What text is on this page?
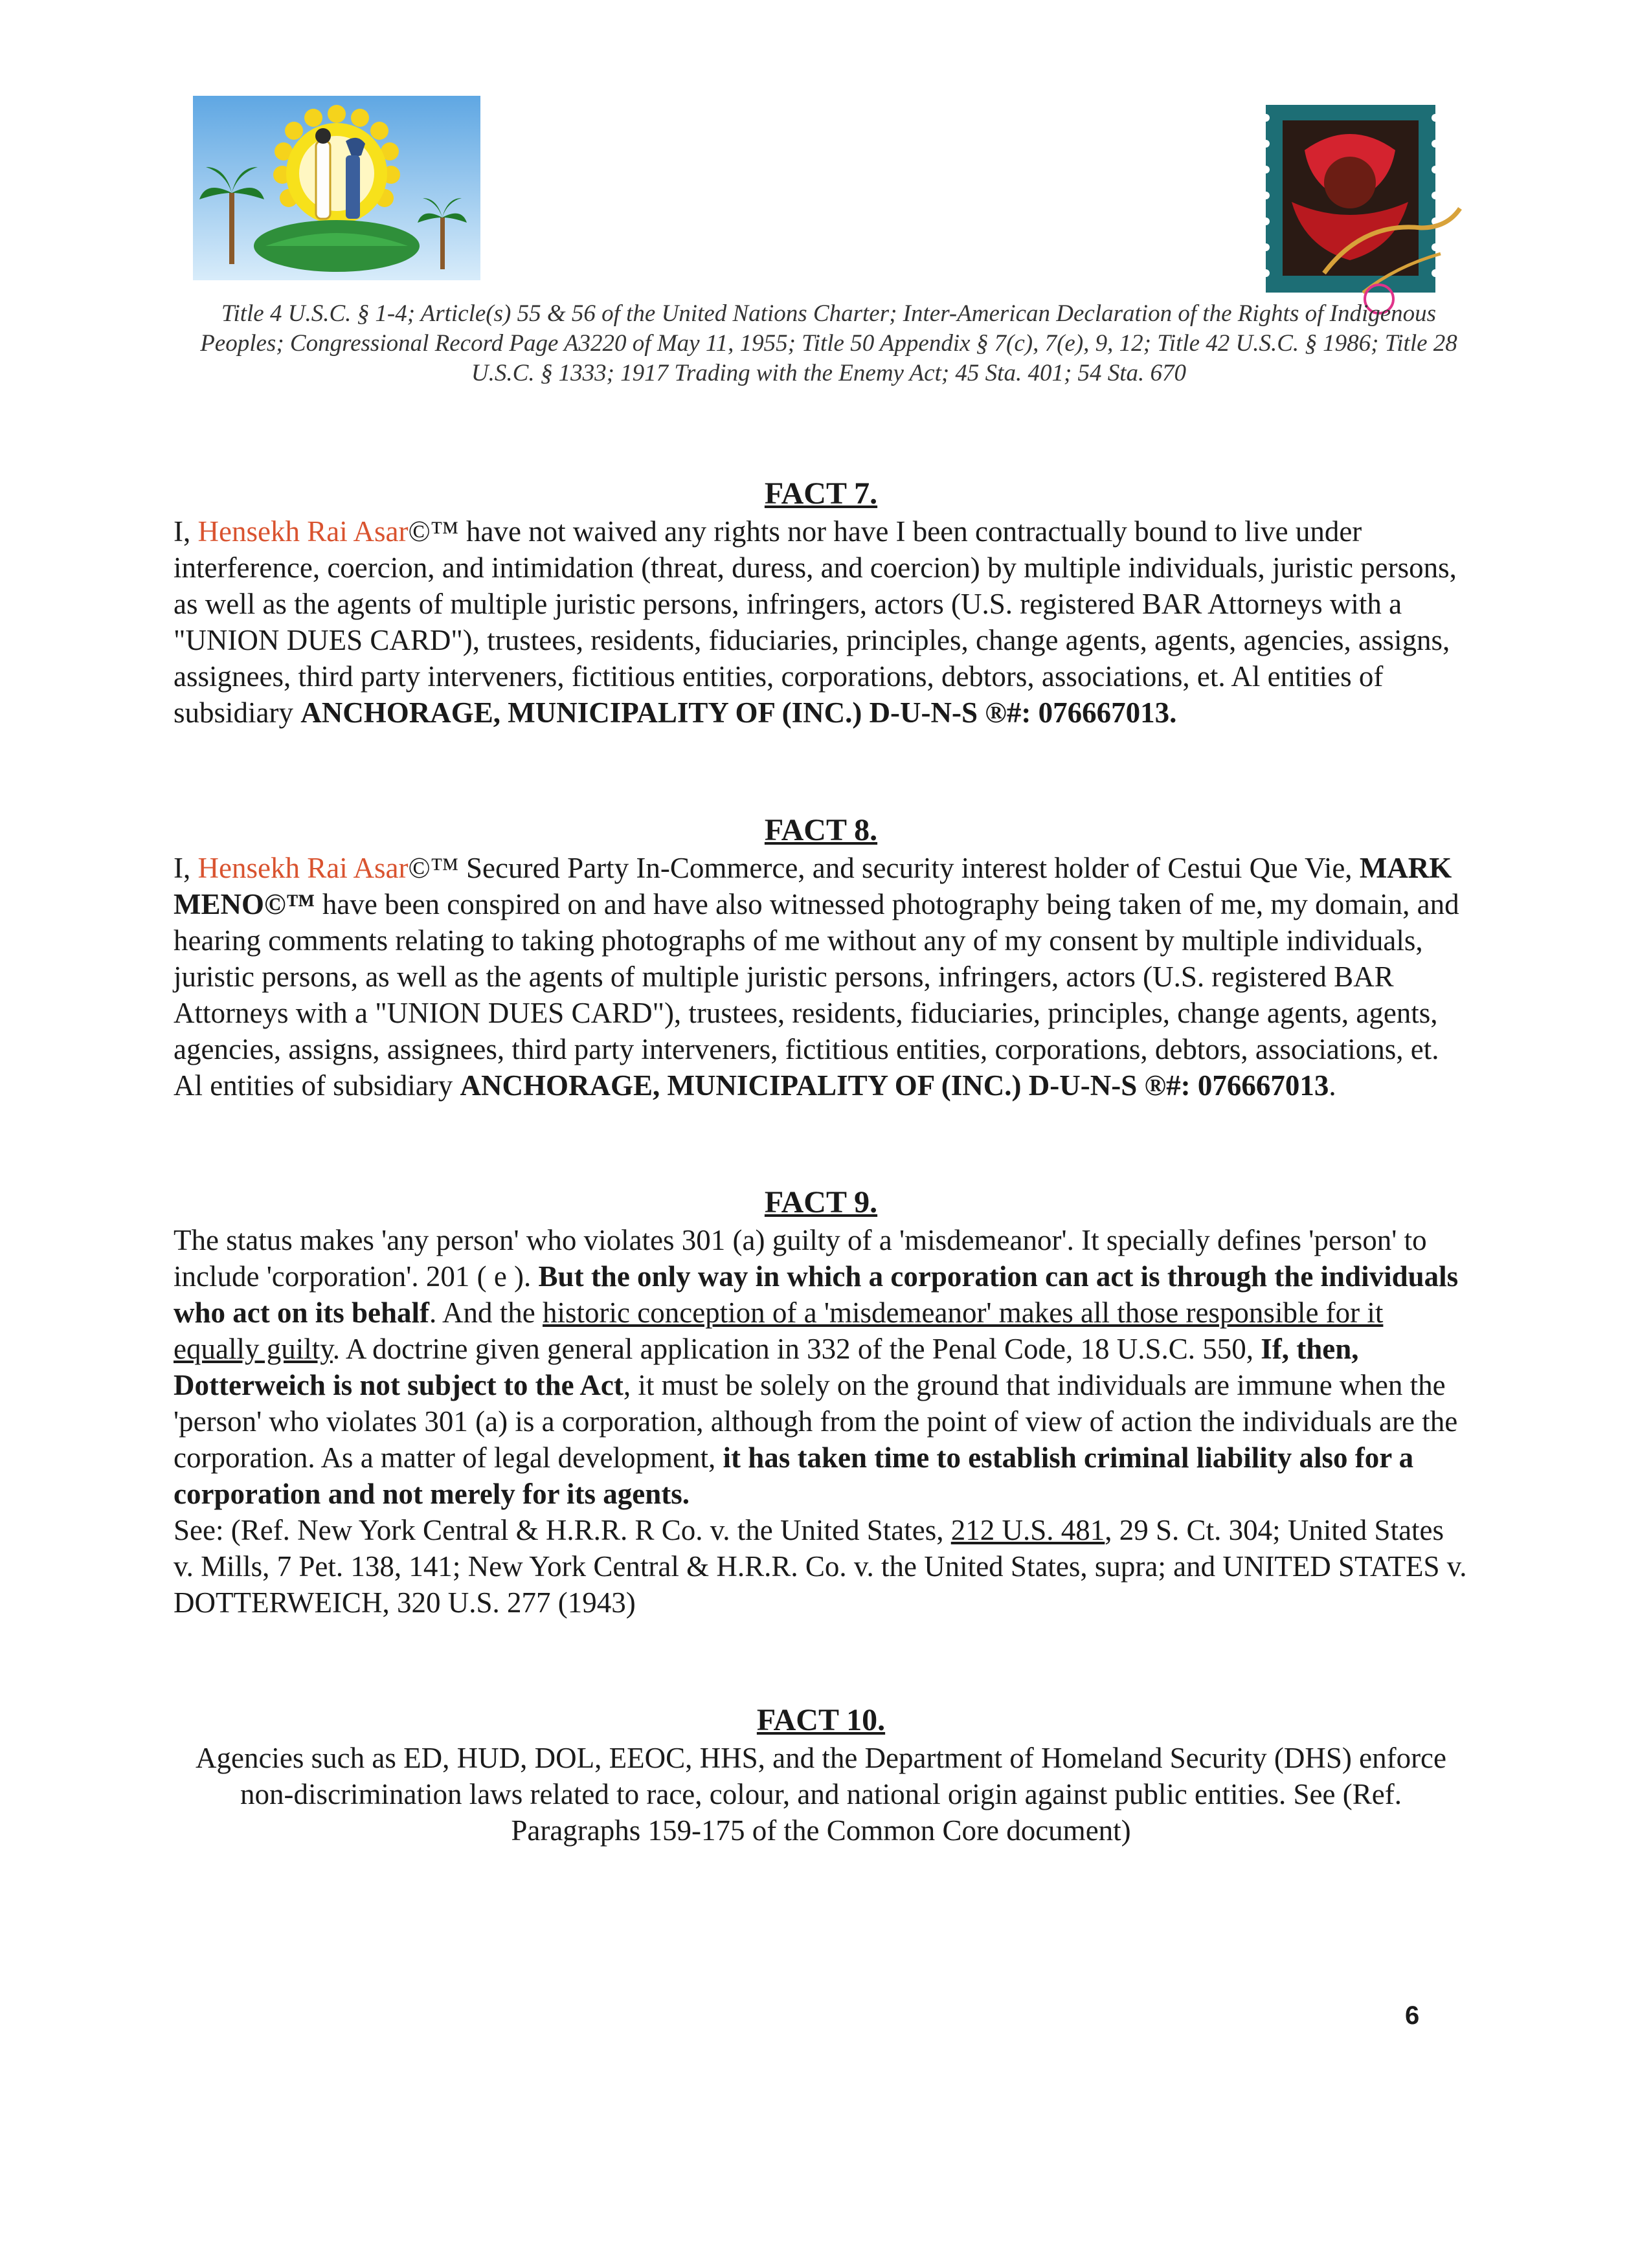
Title 4 U.S.C. § 1-4; Article(s) 55 & 56 of the United Nations Charter; Inter-American Declaration of the Rights of Indigenous Peoples; Congressional Record Page A3220 of May 11, 1955; Title 50 Appendix § 7(c), 7(e), 9, 12; Title 42 U.S.C. § 1986; Title 28 U.S.C. § 1333; 1917 Trading with the Enemy Act; 45 Sta. 401; 54 Sta. 670
FACT 7.

I, Hensekh Rai Asar©™ have not waived any rights nor have I been contractually bound to live under interference, coercion, and intimidation (threat, duress, and coercion) by multiple individuals, juristic persons, as well as the agents of multiple juristic persons, infringers, actors (U.S. registered BAR Attorneys with a "UNION DUES CARD"), trustees, residents, fiduciaries, principles, change agents, agents, agencies, assigns, assignees, third party interveners, fictitious entities, corporations, debtors, associations, et. Al entities of subsidiary ANCHORAGE, MUNICIPALITY OF (INC.) D-U-N-S ®#: 076667013.

FACT 8.

I, Hensekh Rai Asar©™ Secured Party In-Commerce, and security interest holder of Cestui Que Vie, MARK MENO©™ have been conspired on and have also witnessed photography being taken of me, my domain, and hearing comments relating to taking photographs of me without any of my consent by multiple individuals, juristic persons, as well as the agents of multiple juristic persons, infringers, actors (U.S. registered BAR Attorneys with a "UNION DUES CARD"), trustees, residents, fiduciaries, principles, change agents, agents, agencies, assigns, assignees, third party interveners, fictitious entities, corporations, debtors, associations, et. Al entities of subsidiary ANCHORAGE, MUNICIPALITY OF (INC.) D-U-N-S ®#: 076667013.

FACT 9.

The status makes 'any person' who violates 301 (a) guilty of a 'misdemeanor'. It specially defines 'person' to include 'corporation'. 201 ( e ). But the only way in which a corporation can act is through the individuals who act on its behalf. And the historic conception of a 'misdemeanor' makes all those responsible for it equally guilty. A doctrine given general application in 332 of the Penal Code, 18 U.S.C. 550, If, then, Dotterweich is not subject to the Act, it must be solely on the ground that individuals are immune when the 'person' who violates 301 (a) is a corporation, although from the point of view of action the individuals are the corporation. As a matter of legal development, it has taken time to establish criminal liability also for a corporation and not merely for its agents.

See: (Ref. New York Central & H.R.R. R Co. v. the United States, 212 U.S. 481, 29 S. Ct. 304; United States v. Mills, 7 Pet. 138, 141; New York Central & H.R.R. Co. v. the United States, supra; and UNITED STATES v. DOTTERWEICH, 320 U.S. 277 (1943)

FACT 10.

Agencies such as ED, HUD, DOL, EEOC, HHS, and the Department of Homeland Security (DHS) enforce non-discrimination laws related to race, colour, and national origin against public entities. See (Ref. Paragraphs 159-175 of the Common Core document)

6
